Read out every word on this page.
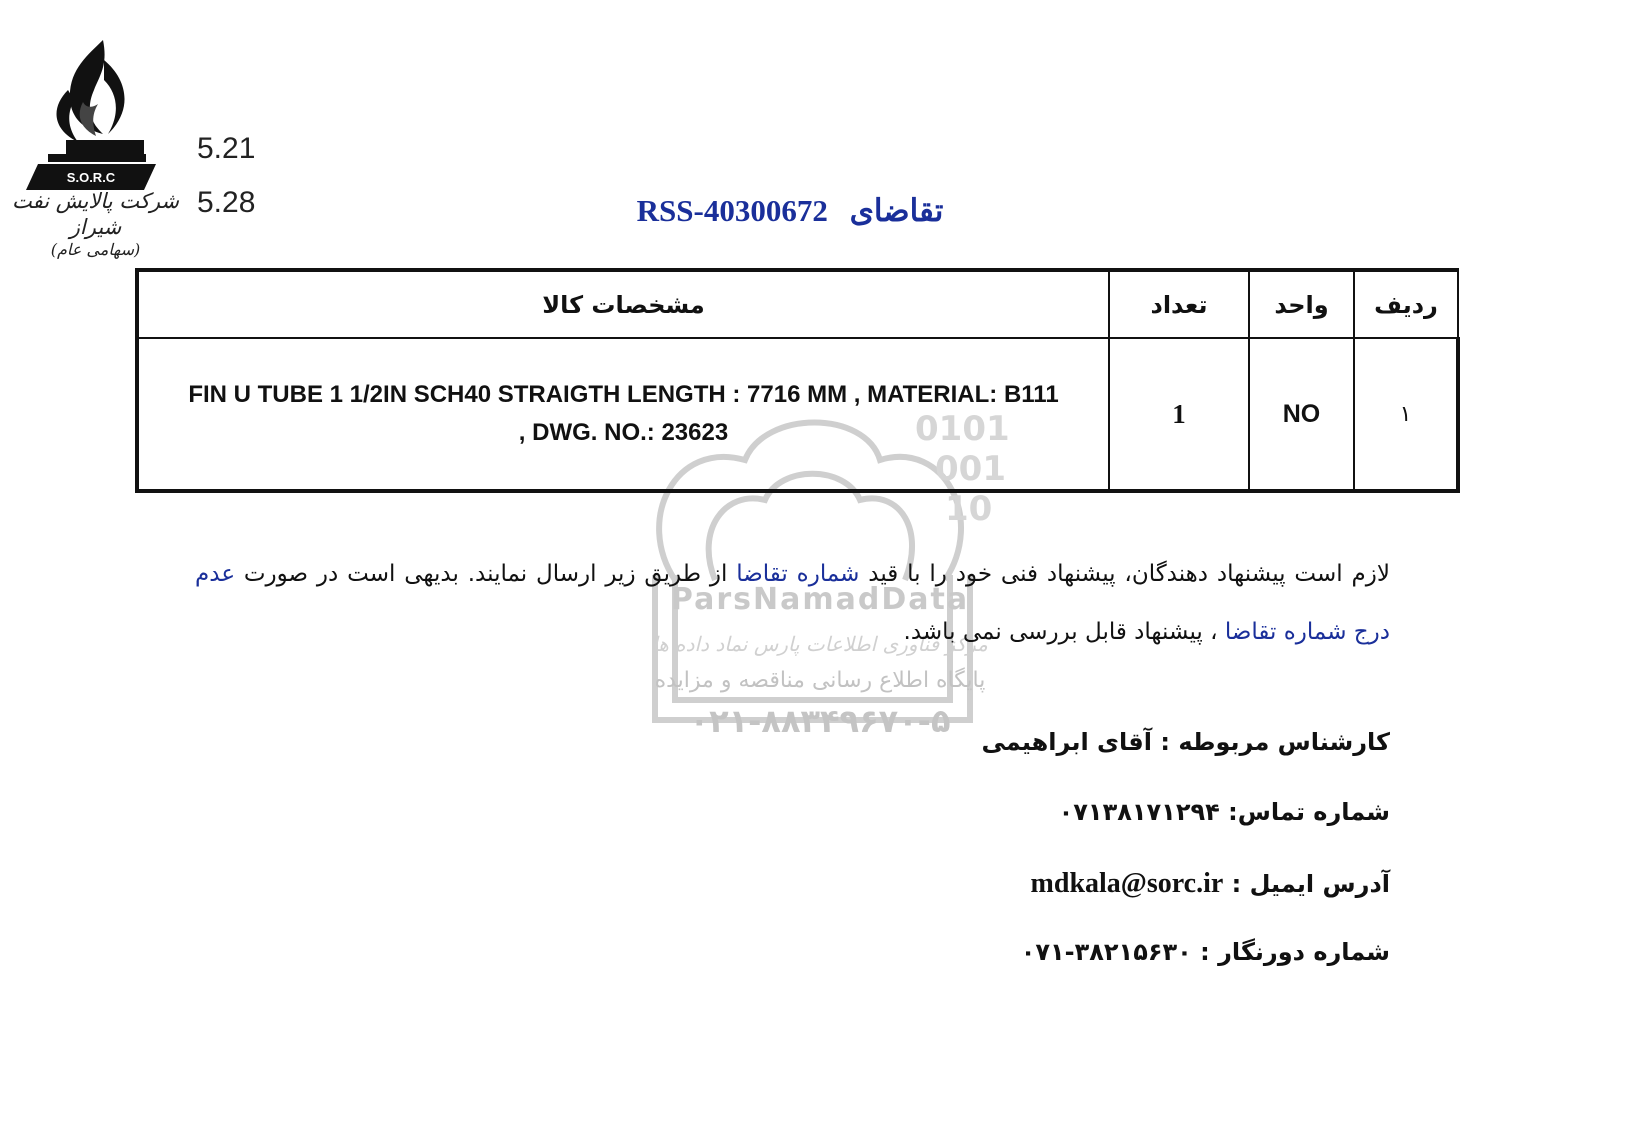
S.O.R.C
شرکت پالایش نفت شیراز
(سهامی عام)
5.21
5.28	تقاضای RSS-40300672
0101
001
10
ParsNamadData
مرکز فناوری اطلاعات پارس نماد داده ها
پایگاه اطلاع رسانی مناقصه و مزایده
۰۲۱-۸۸۳۴۹۶۷۰-۵
ردیف	واحد	تعداد	مشخصات کالا
۱	NO	1	FIN U TUBE 1 1/2IN SCH40 STRAIGTH LENGTH : 7716 MM , MATERIAL: B111
, DWG. NO.: 23623
لازم است پیشنهاد دهندگان، پیشنهاد فنی خود را با قید شماره تقاضا از طریق زیر ارسال نمایند. بدیهی است در صورت عدم درج شماره تقاضا ، پیشنهاد قابل بررسی نمی باشد.
کارشناس مربوطه : آقای ابراهیمی
شماره تماس: ۰۷۱۳۸۱۷۱۲۹۴
آدرس ایمیل : mdkala@sorc.ir
شماره دورنگار : ۰۷۱-۳۸۲۱۵۶۳۰
